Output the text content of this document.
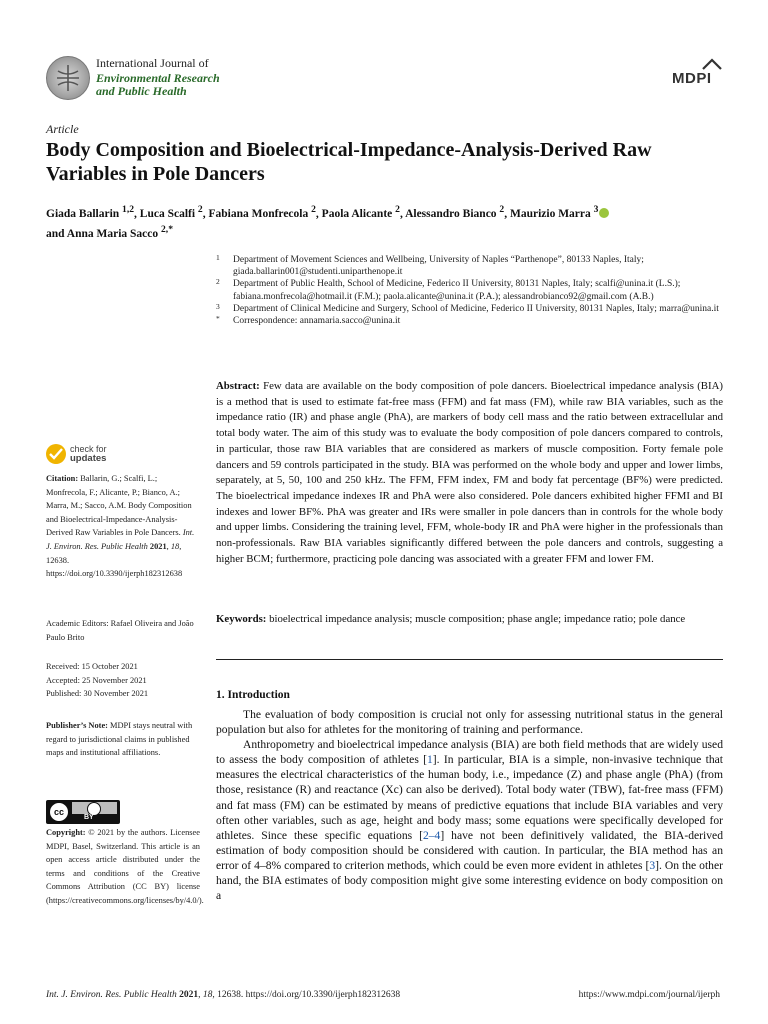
International Journal of
Environmental Research
and Public Health
MDPI
Article
Body Composition and Bioelectrical-Impedance-Analysis-Derived Raw Variables in Pole Dancers
Giada Ballarin $^{1,2}$, Luca Scalfi $^2$, Fabiana Monfrecola $^2$, Paola Alicante $^2$, Alessandro Bianco $^2$, Maurizio Marra $^3$
and Anna Maria Sacco $^{2,*}$
1 Department of Movement Sciences and Wellbeing, University of Naples “Parthenope”, 80133 Naples, Italy; giada.ballarin001@studenti.uniparthenope.it
2 Department of Public Health, School of Medicine, Federico II University, 80131 Naples, Italy; scalfi@unina.it (L.S.); fabiana.monfrecola@hotmail.it (F.M.); paola.alicante@unina.it (P.A.); alessandrobianco92@gmail.com (A.B.)
3 Department of Clinical Medicine and Surgery, School of Medicine, Federico II University, 80131 Naples, Italy; marra@unina.it
* Correspondence: annamaria.sacco@unina.it
Abstract: Few data are available on the body composition of pole dancers. Bioelectrical impedance analysis (BIA) is a method that is used to estimate fat-free mass (FFM) and fat mass (FM), while raw BIA variables, such as the impedance ratio (IR) and phase angle (PhA), are markers of body cell mass and the ratio between extracellular and total body water. The aim of this study was to evaluate the body composition of pole dancers compared to controls, in particular, those raw BIA variables that are considered as markers of muscle composition. Forty female pole dancers and 59 controls participated in the study. BIA was performed on the whole body and upper and lower limbs, separately, at 5, 50, 100 and 250 kHz. The FFM, FFM index, FM and body fat percentage (BF%) were predicted. The bioelectrical impedance indexes IR and PhA were also considered. Pole dancers exhibited higher FFMI and BI indexes and lower BF%. PhA was greater and IRs were smaller in pole dancers than in controls for the whole body and upper limbs. Considering the training level, FFM, whole-body IR and PhA were higher in the professionals than non-professionals. Raw BIA variables significantly differed between the pole dancers and controls, suggesting a higher BCM; furthermore, practicing pole dancing was associated with a greater FFM and lower FM.
Keywords: bioelectrical impedance analysis; muscle composition; phase angle; impedance ratio; pole dance
1. Introduction

The evaluation of body composition is crucial not only for assessing nutritional status in the general population but also for athletes for the monitoring of training and performance.

Anthropometry and bioelectrical impedance analysis (BIA) are both field methods that are widely used to assess the body composition of athletes [1]. In particular, BIA is a simple, non-invasive technique that measures the electrical characteristics of the human body, i.e., impedance (Z) and phase angle (PhA) (from those, resistance (R) and reactance (Xc) can also be derived). Total body water (TBW), fat-free mass (FFM) and fat mass (FM) can be estimated by means of predictive equations that include BIA variables and very often other variables, such as age, height and body mass; some equations were specifically developed for athletes. Since these specific equations [2–4] have not been definitively validated, the BIA-derived estimation of body composition should be considered with caution. In particular, the BIA method has an error of 4–8% compared to criterion methods, which could be even more evident in athletes [3]. On the other hand, the BIA estimates of body composition might give some interesting evidence on body composition on a

check for
updates
Citation: Ballarin, G.; Scalfi, L.; Monfrecola, F.; Alicante, P.; Bianco, A.; Marra, M.; Sacco, A.M. Body Composition and Bioelectrical-Impedance-Analysis-Derived Raw Variables in Pole Dancers. Int. J. Environ. Res. Public Health 2021, 18, 12638. https://doi.org/10.3390/ijerph182312638
Academic Editors: Rafael Oliveira and João Paulo Brito
Received: 15 October 2021
Accepted: 25 November 2021
Published: 30 November 2021
Publisher’s Note: MDPI stays neutral with regard to jurisdictional claims in published maps and institutional affiliations.
cc
BY
Copyright: © 2021 by the authors. Licensee MDPI, Basel, Switzerland. This article is an open access article distributed under the terms and conditions of the Creative Commons Attribution (CC BY) license (https://creativecommons.org/licenses/by/4.0/).
Int. J. Environ. Res. Public Health 2021, 18, 12638. https://doi.org/10.3390/ijerph182312638	https://www.mdpi.com/journal/ijerph
